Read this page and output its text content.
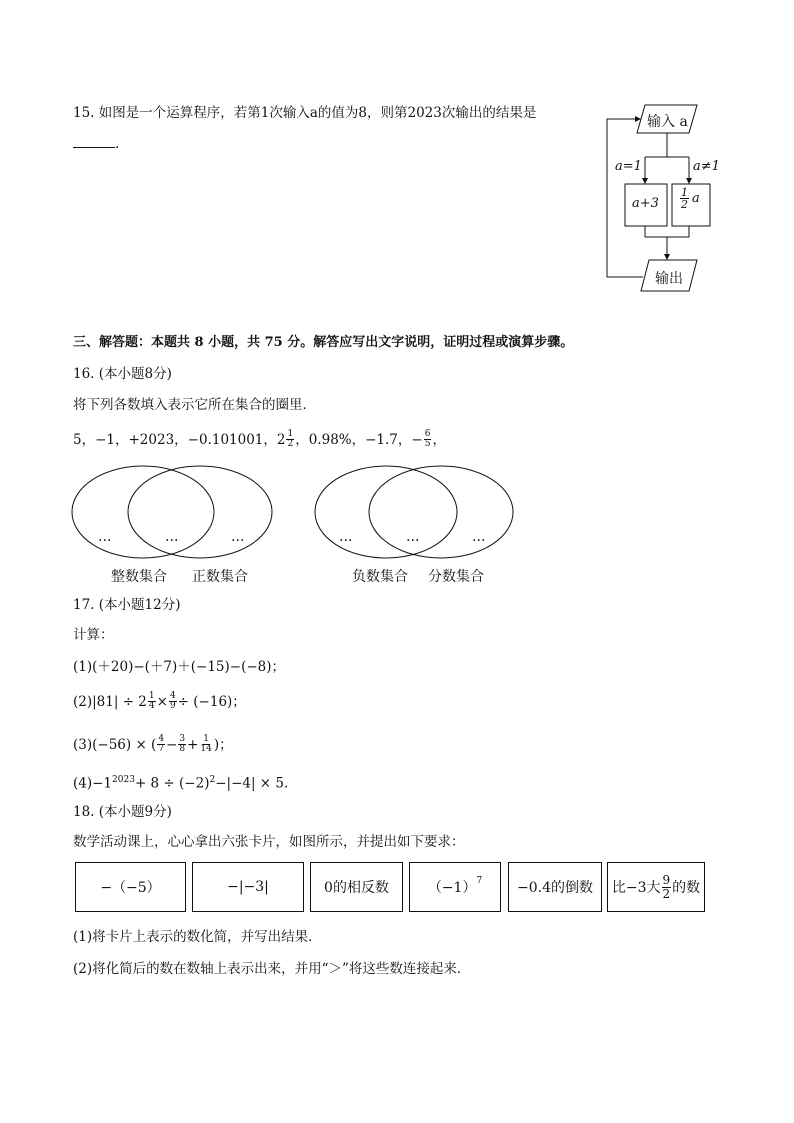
15. 如图是一个运算程序，若第1次输入a的值为8，则第2023次输出的结果是
.
输入 a
a=1	a≠1
$a+3 \frac{1}{2}$ a
输出
三、解答题：本题共 8 小题，共 75 分。解答应写出文字说明，证明过程或演算步骤。
16. (本小题8分)
将下列各数填入表示它所在集合的圈里．
5，−1，+2023，−0.101001，$2 \frac{1}{2}$ ，0.98%，−1.7，− $\frac{6}{5}$ ，
…	…	…	…	…	…
整数集合 正数集合	负数集合 分数集合
17. (本小题12分)
计算：
(1)(＋20)−(＋7)＋(−15)−(−8)；
$(2)|81| \div 2 \frac{1}{4} \times \frac{4}{9} \div (-16)$；
(3)(−56) × ( $\frac{4}{7} - \frac{3}{8} + \frac{1}{14}$ )；
$(4)-1^{2023}+ 8 \div (-2)^2-|-4| \times 5$.
18. (本小题9分)
数学活动课上，心心拿出六张卡片，如图所示，并提出如下要求：
−（−5）	−|−3|	0的相反数	$(-1)^7 -0.4$的倒数 比−3大 $\frac{9}{2}$ 的数
(1)将卡片上表示的数化简，并写出结果．
(2)将化简后的数在数轴上表示出来，并用“＞”将这些数连接起来．
